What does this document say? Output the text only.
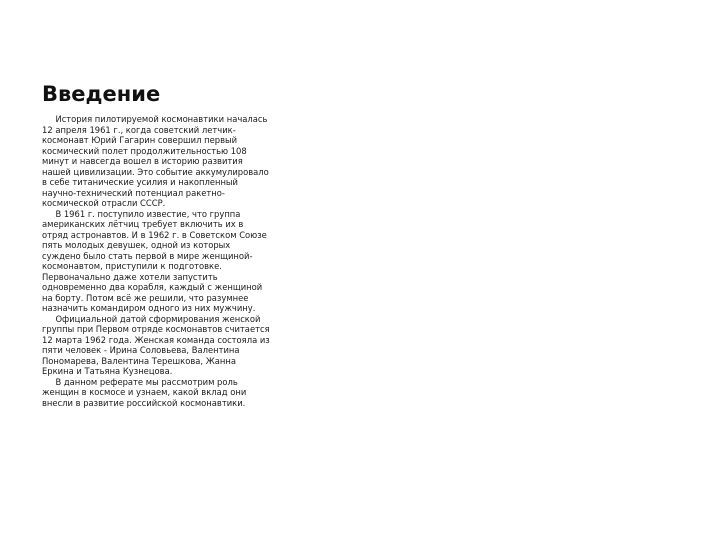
Введение

История пилотируемой космонавтики началась 12 апреля 1961 г., когда советский летчик-космонавт Юрий Гагарин совершил первый космический полет продолжительностью 108 минут и навсегда вошел в историю развития нашей цивилизации. Это событие аккумулировало в себе титанические усилия и накопленный научно-технический потенциал ракетно-космической отрасли СССР.

В 1961 г. поступило известие, что группа американских лётчиц требует включить их в отряд астронавтов. И в 1962 г. в Советском Союзе пять молодых девушек, одной из которых суждено было стать первой в мире женщиной-космонавтом, приступили к подготовке. Первоначально даже хотели запустить одновременно два корабля, каждый с женщиной на борту. Потом всё же решили, что разумнее назначить командиром одного из них мужчину.

Официальной датой сформирования женской группы при Первом отряде космонавтов считается 12 марта 1962 года. Женская команда состояла из пяти человек - Ирина Соловьева, Валентина Пономарева, Валентина Терешкова, Жанна Еркина и Татьяна Кузнецова.

В данном реферате мы рассмотрим роль женщин в космосе и узнаем, какой вклад они внесли в развитие российской космонавтики.
